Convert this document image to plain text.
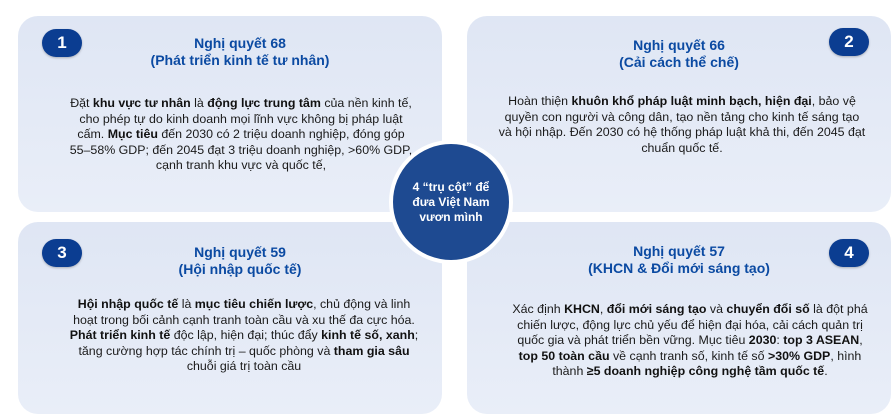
1	Nghị quyết 68
(Phát triển kinh tế tư nhân)
Đặt khu vực tư nhân là động lực trung tâm của nền kinh tế, cho phép tự do kinh doanh mọi lĩnh vực không bị pháp luật cấm. Mục tiêu đến 2030 có 2 triệu doanh nghiệp, đóng góp 55–58% GDP; đến 2045 đạt 3 triệu doanh nghiệp, >60% GDP, cạnh tranh khu vực và quốc tế,
2
Nghị quyết 66
(Cải cách thể chế)
Hoàn thiện khuôn khổ pháp luật minh bạch, hiện đại, bảo vệ quyền con người và công dân, tạo nền tảng cho kinh tế sáng tạo và hội nhập. Đến 2030 có hệ thống pháp luật khả thi, đến 2045 đạt chuẩn quốc tế.
3	Nghị quyết 59
(Hội nhập quốc tế)
Hội nhập quốc tế là mục tiêu chiến lược, chủ động và linh hoạt trong bối cảnh cạnh tranh toàn cầu và xu thế đa cực hóa. Phát triển kinh tế độc lập, hiện đại; thúc đẩy kinh tế số, xanh; tăng cường hợp tác chính trị – quốc phòng và tham gia sâu chuỗi giá trị toàn cầu
4
Nghị quyết 57
(KHCN & Đổi mới sáng tạo)
Xác định KHCN, đổi mới sáng tạo và chuyển đổi số là đột phá chiến lược, động lực chủ yếu để hiện đại hóa, cải cách quản trị quốc gia và phát triển bền vững. Mục tiêu 2030: top 3 ASEAN, top 50 toàn cầu về cạnh tranh số, kinh tế số >30% GDP, hình thành ≥5 doanh nghiệp công nghệ tầm quốc tế.
4 “trụ cột” để đưa Việt Nam vươn mình
